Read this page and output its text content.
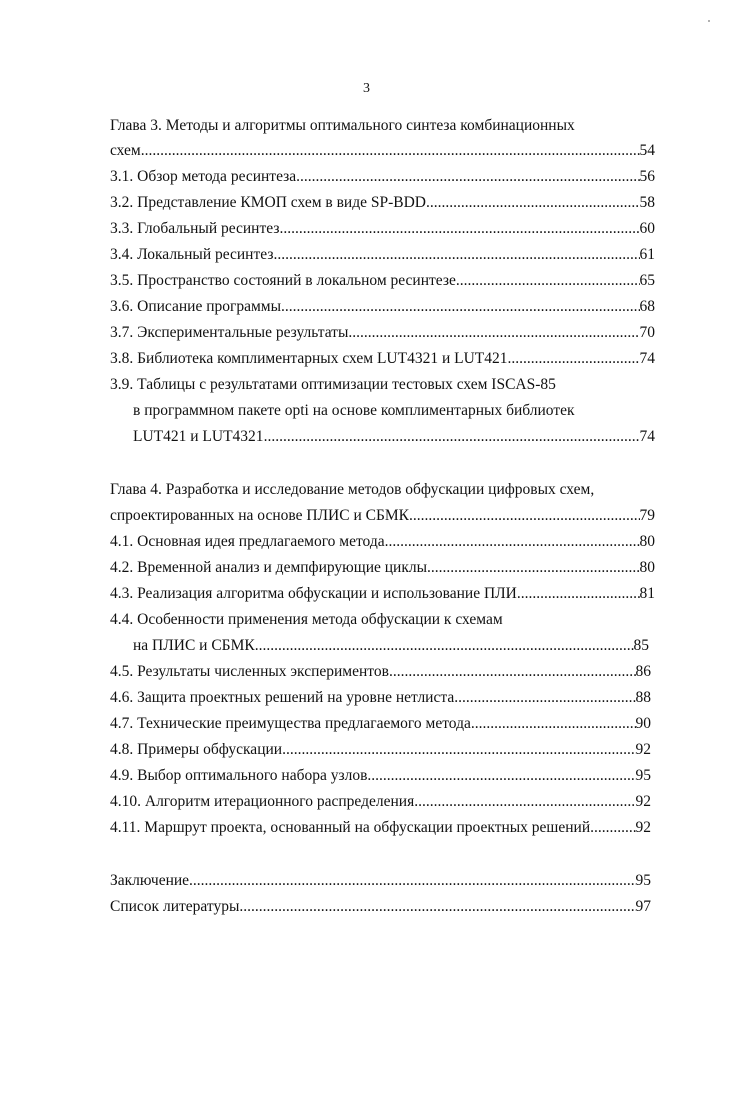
3
Глава 3. Методы и алгоритмы оптимального синтеза комбинационных
схем .....	54
3.1. Обзор метода ресинтеза .....	56
3.2. Представление КМОП схем в виде SP-BDD .....	58
3.3. Глобальный ресинтез .....	60
3.4. Локальный ресинтез .....	61
3.5. Пространство состояний в локальном ресинтезе .....	65
3.6. Описание программы .....	68
3.7. Экспериментальные результаты .....	70
3.8. Библиотека комплиментарных схем LUT4321 и LUT421 .....	74
3.9. Таблицы с результатами оптимизации тестовых схем ISCAS-85
в программном пакете opti на основе комплиментарных библиотек
LUT421 и LUT4321 .....	74
Глава 4. Разработка и исследование методов обфускации цифровых схем,
спроектированных на основе ПЛИС и СБМК .....	79
4.1. Основная идея предлагаемого метода .....	80
4.2. Временной анализ и демпфирующие циклы .....	80
4.3. Реализация алгоритма обфускации и использование ПЛИ .....	81
4.4. Особенности применения метода обфускации к схемам
на ПЛИС и СБМК .....	85
4.5. Результаты численных экспериментов .....	86
4.6. Защита проектных решений на уровне нетлиста .....	88
4.7. Технические преимущества предлагаемого метода .....	90
4.8. Примеры обфускации .....	92
4.9. Выбор оптимального набора узлов .....	95
4.10. Алгоритм итерационного распределения .....	92
4.11. Маршрут проекта, основанный на обфускации проектных решений .....	92
Заключение .....	95
Список литературы .....	97
